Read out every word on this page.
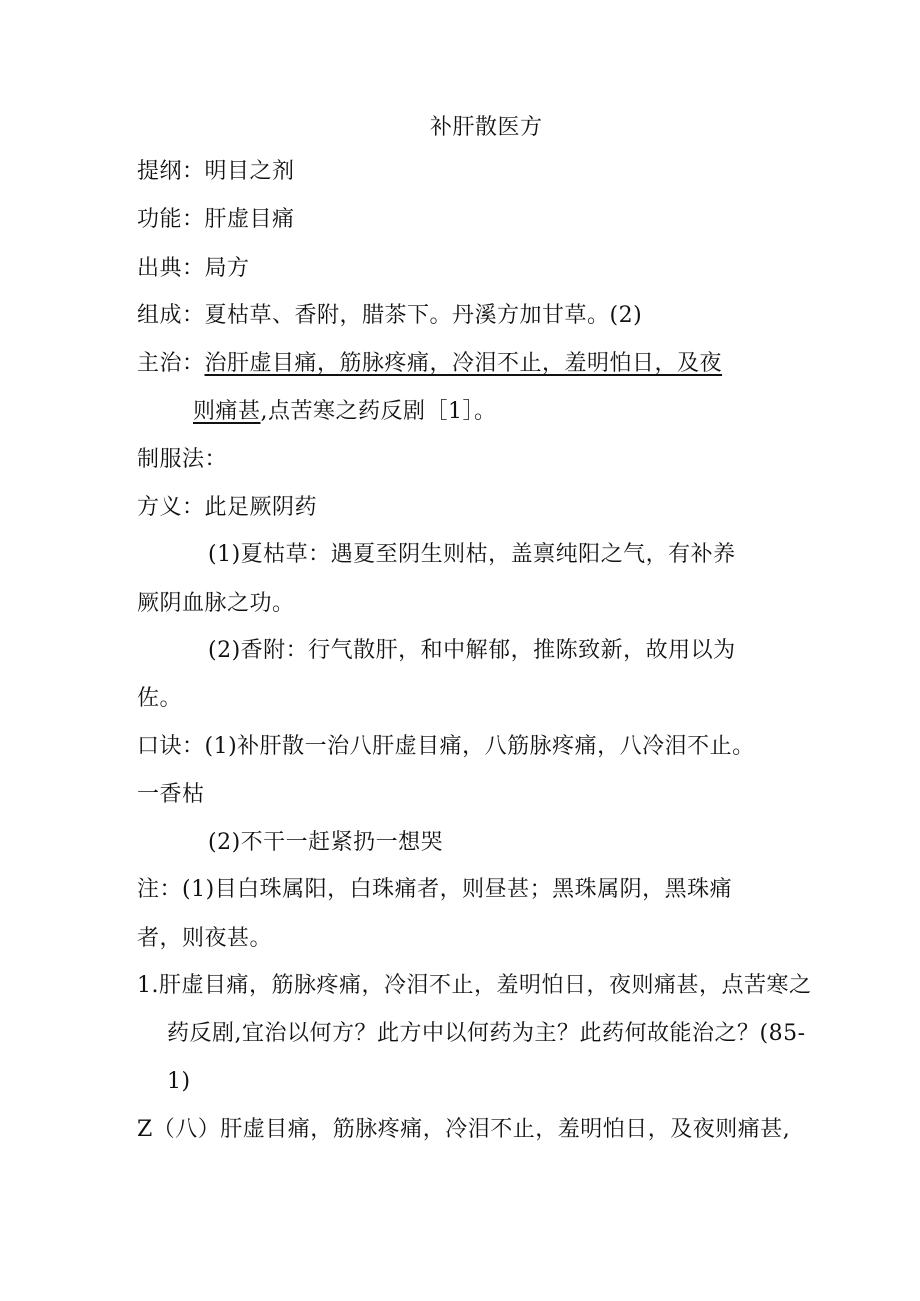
补肝散医方
提纲：明目之剂
功能：肝虚目痛
出典：局方
组成：夏枯草、香附，腊茶下。丹溪方加甘草。(2)
主治：治肝虚目痛，筋脉疼痛，冷泪不止，羞明怕日，及夜
则痛甚,点苦寒之药反剧［1］。
制服法：
方义：此足厥阴药
(1)夏枯草：遇夏至阴生则枯，盖禀纯阳之气，有补养
厥阴血脉之功。
(2)香附：行气散肝，和中解郁，推陈致新，故用以为
佐。
口诀：(1)补肝散一治八肝虚目痛，八筋脉疼痛，八冷泪不止。
一香枯
(2)不干一赶紧扔一想哭
注：(1)目白珠属阳，白珠痛者，则昼甚；黑珠属阴，黑珠痛
者，则夜甚。
1.肝虚目痛，筋脉疼痛，冷泪不止，羞明怕日，夜则痛甚，点苦寒之
药反剧,宜治以何方？此方中以何药为主？此药何故能治之？(85-
1)
Z（八）肝虚目痛，筋脉疼痛，冷泪不止，羞明怕日，及夜则痛甚,
